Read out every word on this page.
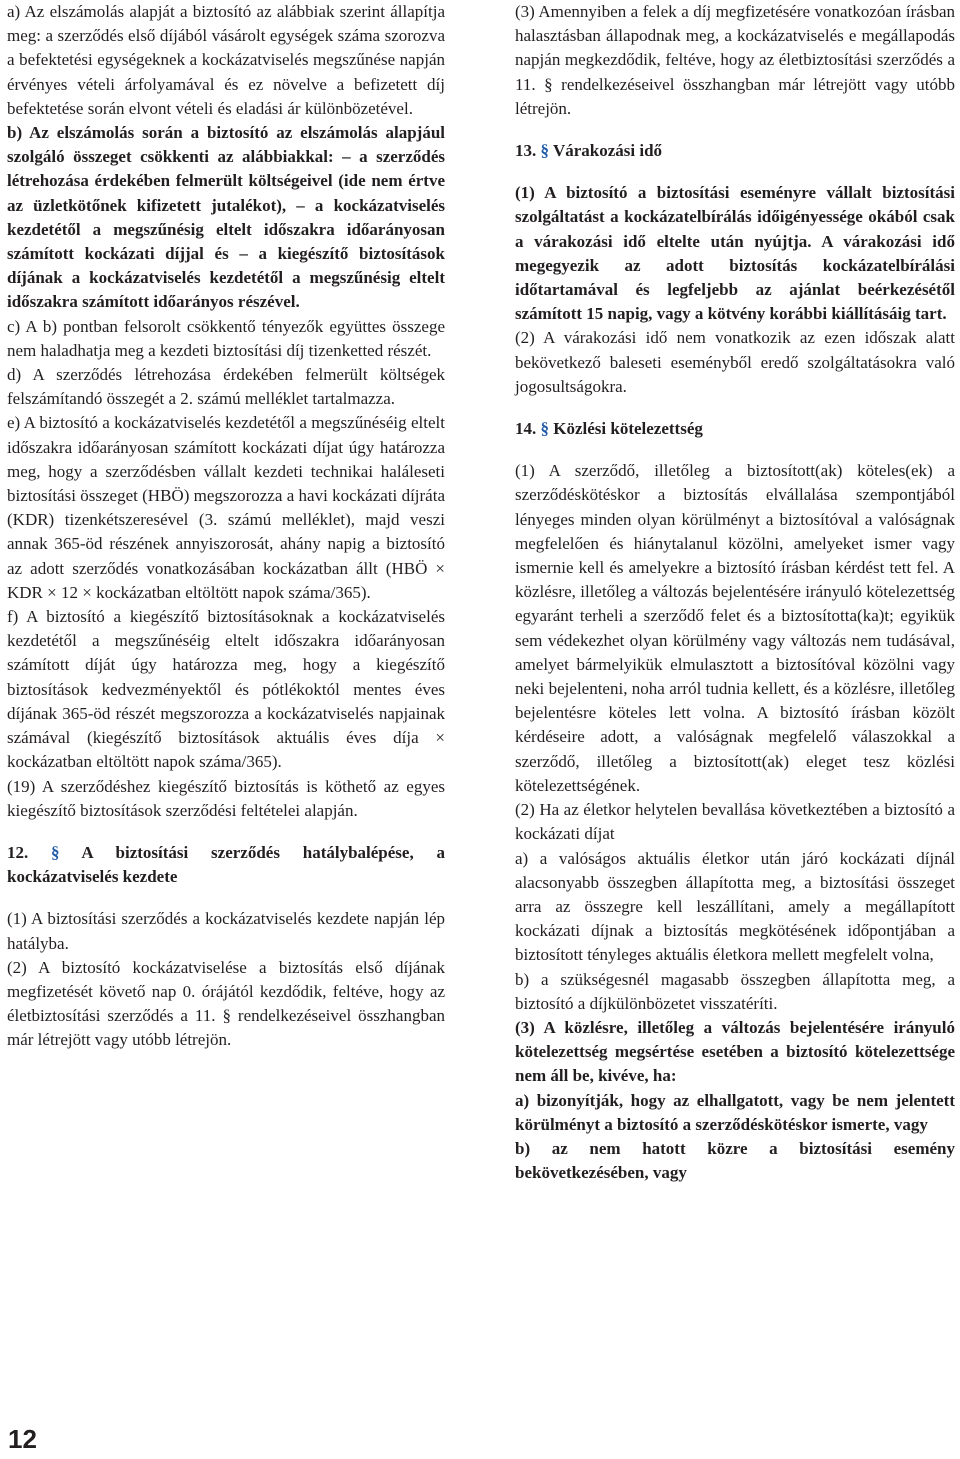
a) Az elszámolás alapját a biztosító az alábbiak szerint állapítja meg: a szerződés első díjából vásárolt egységek száma szorozva a befektetési egységeknek a kockázatviselés megszűnése napján érvényes vételi árfolyamával és ez növelve a befizetett díj befektetése során elvont vételi és eladási ár különbözetével.

b) Az elszámolás során a biztosító az elszámolás alapjául szolgáló összeget csökkenti az alábbiakkal: – a szerződés létrehozása érdekében felmerült költségeivel (ide nem értve az üzletkötőnek kifizetett jutalékot), – a kockázatviselés kezdetétől a megszűnésig eltelt időszakra időarányosan számított kockázati díjjal és – a kiegészítő biztosítások díjának a kockázatviselés kezdetétől a megszűnésig eltelt időszakra számított időarányos részével.

c) A b) pontban felsorolt csökkentő tényezők együttes összege nem haladhatja meg a kezdeti biztosítási díj tizenketted részét.

d) A szerződés létrehozása érdekében felmerült költségek felszámítandó összegét a 2. számú melléklet tartalmazza.

e) A biztosító a kockázatviselés kezdetétől a megszűnéséig eltelt időszakra időarányosan számított kockázati díjat úgy határozza meg, hogy a szerződésben vállalt kezdeti technikai haláleseti biztosítási összeget (HBÖ) megszorozza a havi kockázati díjráta (KDR) tizenkétszeresével (3. számú melléklet), majd veszi annak 365-öd részének annyiszorosát, ahány napig a biztosító az adott szerződés vonatkozásában kockázatban állt (HBÖ × KDR × 12 × kockázatban eltöltött napok száma/365).

f) A biztosító a kiegészítő biztosításoknak a kockázatviselés kezdetétől a megszűnéséig eltelt időszakra időarányosan számított díját úgy határozza meg, hogy a kiegészítő biztosítások kedvezményektől és pótlékoktól mentes éves díjának 365-öd részét megszorozza a kockázatviselés napjainak számával (kiegészítő biztosítások aktuális éves díja × kockázatban eltöltött napok száma/365).

(19) A szerződéshez kiegészítő biztosítás is köthető az egyes kiegészítő biztosítások szerződési feltételei alapján.

12. § A biztosítási szerződés hatálybalépése, a kockázatviselés kezdete

(1) A biztosítási szerződés a kockázatviselés kezdete napján lép hatályba.

(2) A biztosító kockázatviselése a biztosítás első díjának megfizetését követő nap 0. órájától kezdődik, feltéve, hogy az életbiztosítási szerződés a 11. § rendelkezéseivel összhangban már létrejött vagy utóbb létrejön.

(3) Amennyiben a felek a díj megfizetésére vonatkozóan írásban halasztásban állapodnak meg, a kockázatviselés e megállapodás napján megkezdődik, feltéve, hogy az életbiztosítási szerződés a 11. § rendelkezéseivel összhangban már létrejött vagy utóbb létrejön.

13. § Várakozási idő

(1) A biztosító a biztosítási eseményre vállalt biztosítási szolgáltatást a kockázatelbírálás időigényessége okából csak a várakozási idő eltelte után nyújtja. A várakozási idő megegyezik az adott biztosítás kockázatelbírálási időtartamával és legfeljebb az ajánlat beérkezésétől számított 15 napig, vagy a kötvény korábbi kiállításáig tart.

(2) A várakozási idő nem vonatkozik az ezen időszak alatt bekövetkező baleseti eseményből eredő szolgáltatásokra való jogosultságokra.

14. § Közlési kötelezettség

(1) A szerződő, illetőleg a biztosított(ak) köteles(ek) a szerződéskötéskor a biztosítás elvállalása szempontjából lényeges minden olyan körülményt a biztosítóval a valóságnak megfelelően és hiánytalanul közölni, amelyeket ismer vagy ismernie kell és amelyekre a biztosító írásban kérdést tett fel. A közlésre, illetőleg a változás bejelentésére irányuló kötelezettség egyaránt terheli a szerződő felet és a biztosította(ka)t; egyikük sem védekezhet olyan körülmény vagy változás nem tudásával, amelyet bármelyikük elmulasztott a biztosítóval közölni vagy neki bejelenteni, noha arról tudnia kellett, és a közlésre, illetőleg bejelentésre köteles lett volna. A biztosító írásban közölt kérdéseire adott, a valóságnak megfelelő válaszokkal a szerződő, illetőleg a biztosított(ak) eleget tesz közlési kötelezettségének.

(2) Ha az életkor helytelen bevallása következtében a biztosító a kockázati díjat

a) a valóságos aktuális életkor után járó kockázati díjnál alacsonyabb összegben állapította meg, a biztosítási összeget arra az összegre kell leszállítani, amely a megállapított kockázati díjnak a biztosítás megkötésének időpontjában a biztosított tényleges aktuális életkora mellett megfelelt volna,

b) a szükségesnél magasabb összegben állapította meg, a biztosító a díjkülönbözetet visszatéríti.

(3) A közlésre, illetőleg a változás bejelentésére irányuló kötelezettség megsértése esetében a biztosító kötelezettsége nem áll be, kivéve, ha:

a) bizonyítják, hogy az elhallgatott, vagy be nem jelentett körülményt a biztosító a szerződéskötéskor ismerte, vagy

b) az nem hatott közre a biztosítási esemény bekövetkezésében, vagy

12
